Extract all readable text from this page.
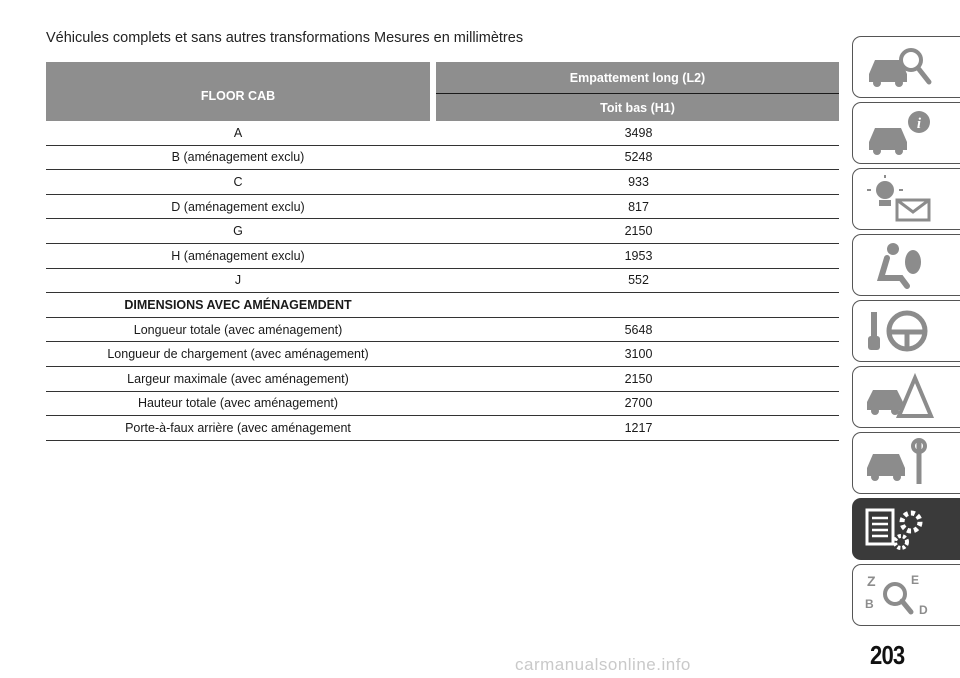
Véhicules complets et sans autres transformations Mesures en millimètres
FLOOR CAB
Empattement long (L2)
Toit bas (H1)
A	3498
B (aménagement exclu)	5248
C	933
D (aménagement exclu)	817
G	2150
H (aménagement exclu)	1953
J	552
DIMENSIONS AVEC AMÉNAGEMDENT
Longueur totale (avec aménagement)	5648
Longueur de chargement (avec aménagement)	3100
Largeur maximale (avec aménagement)	2150
Hauteur totale (avec aménagement)	2700
Porte-à-faux arrière (avec aménagement	1217
i
Z	E
B	D
203
carmanualsonline.info
